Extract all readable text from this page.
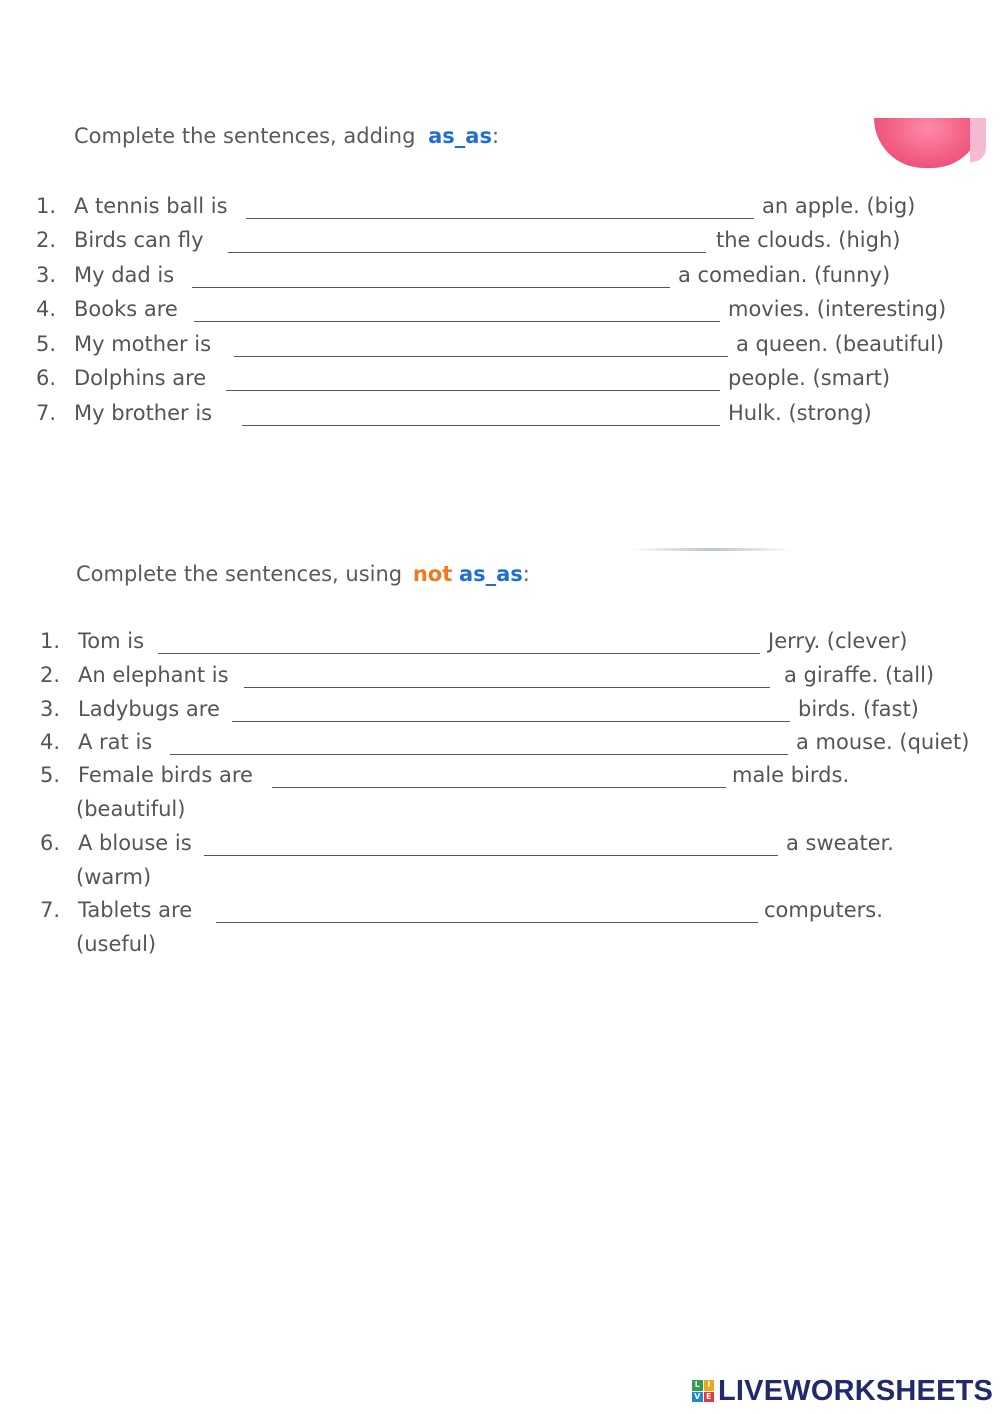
Complete the sentences, adding as_as:
1. A tennis ball is	an apple. (big)
2. Birds can fly	the clouds. (high)
3. My dad is	a comedian. (funny)
4. Books are	movies. (interesting)
5. My mother is	a queen. (beautiful)
6. Dolphins are	people. (smart)
7. My brother is	Hulk. (strong)
Complete the sentences, using not as_as:
1. Tom is	Jerry. (clever)
2. An elephant is	a giraffe. (tall)
3. Ladybugs are	birds. (fast)
4. A rat is	a mouse. (quiet)
5. Female birds are	male birds.
(beautiful)
6. A blouse is	a sweater.
(warm)
7. Tablets are	computers.
(useful)
L I
V E LIVEWORKSHEETS
